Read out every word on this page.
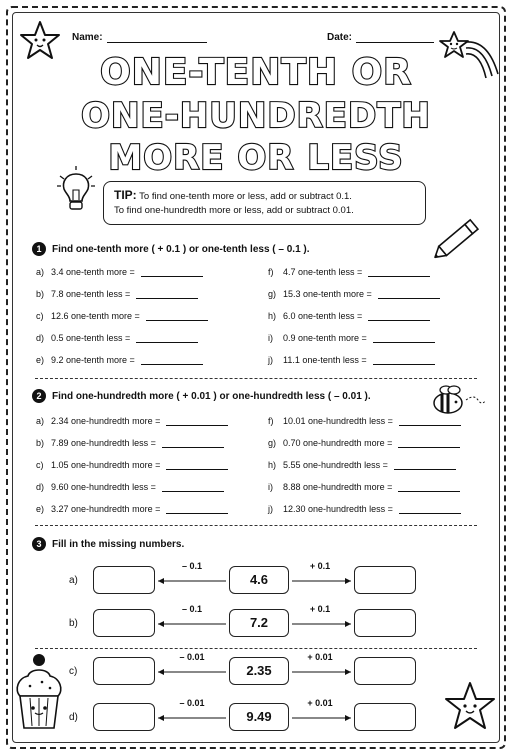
Name:	Date:
ONE-TENTH OR
ONE-HUNDREDTH
MORE OR LESS
TIP: To find one-tenth more or less, add or subtract 0.1.
To find one-hundredth more or less, add or subtract 0.01.
1	Find one-tenth more ( + 0.1 ) or one-tenth less ( – 0.1 ).
a) 3.4 one-tenth more =
b) 7.8 one-tenth less =
c) 12.6 one-tenth more =
d) 0.5 one-tenth less =
e) 9.2 one-tenth more =
f)	4.7 one-tenth less =
g) 15.3 one-tenth more =
h) 6.0 one-tenth less =
i)	0.9 one-tenth more =
j)	11.1 one-tenth less =
2	Find one-hundredth more ( + 0.01 ) or one-hundredth less ( – 0.01 ).
a) 2.34 one-hundredth more =
b) 7.89 one-hundredth less =
c) 1.05 one-hundredth more =
d) 9.60 one-hundredth less =
e) 3.27 one-hundredth more =
f)	10.01 one-hundredth less =
g) 0.70 one-hundredth more =
h) 5.55 one-hundredth less =
i)	8.88 one-hundredth more =
j)	12.30 one-hundredth less =
3	Fill in the missing numbers.
a)	4.6
– 0.1	+ 0.1
b)	7.2
– 0.1	+ 0.1
c)	2.35
– 0.01	+ 0.01
d)	9.49
– 0.01	+ 0.01
